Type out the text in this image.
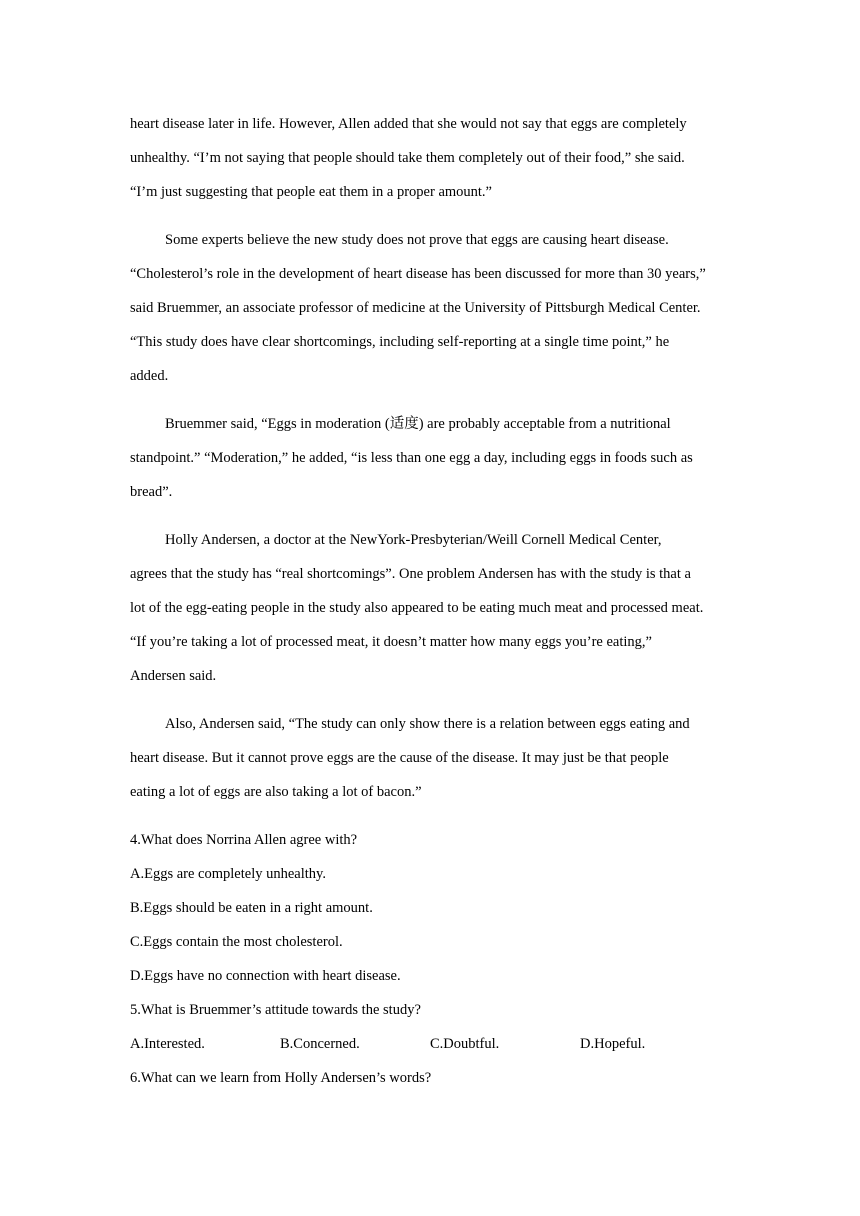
heart disease later in life. However, Allen added that she would not say that eggs are completely
unhealthy. “I’m not saying that people should take them completely out of their food,” she said.
“I’m just suggesting that people eat them in a proper amount.”
Some experts believe the new study does not prove that eggs are causing heart disease.
“Cholesterol’s role in the development of heart disease has been discussed for more than 30 years,”
said Bruemmer, an associate professor of medicine at the University of Pittsburgh Medical Center.
“This study does have clear shortcomings, including self-reporting at a single time point,” he
added.
Bruemmer said, “Eggs in moderation (适度) are probably acceptable from a nutritional
standpoint.” “Moderation,” he added, “is less than one egg a day, including eggs in foods such as
bread”.
Holly Andersen, a doctor at the NewYork-Presbyterian/Weill Cornell Medical Center,
agrees that the study has “real shortcomings”. One problem Andersen has with the study is that a
lot of the egg-eating people in the study also appeared to be eating much meat and processed meat.
“If you’re taking a lot of processed meat, it doesn’t matter how many eggs you’re eating,”
Andersen said.
Also, Andersen said, “The study can only show there is a relation between eggs eating and
heart disease. But it cannot prove eggs are the cause of the disease. It may just be that people
eating a lot of eggs are also taking a lot of bacon.”
4.What does Norrina Allen agree with?
A.Eggs are completely unhealthy.
B.Eggs should be eaten in a right amount.
C.Eggs contain the most cholesterol.
D.Eggs have no connection with heart disease.
5.What is Bruemmer’s attitude towards the study?
A.Interested.	B.Concerned.	C.Doubtful.	D.Hopeful.
6.What can we learn from Holly Andersen’s words?
